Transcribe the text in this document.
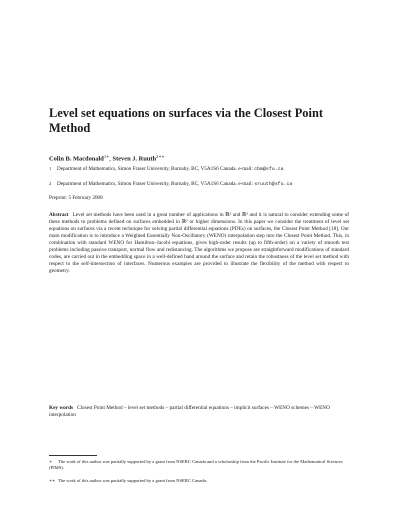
Level set equations on surfaces via the Closest Point Method
Colin B. Macdonald$^{1∗}$, Steven J. Ruuth$^{2∗∗}$
1 Department of Mathematics, Simon Fraser University, Burnaby, BC, V5A1S6 Canada. e-mail: cbm@sfu.ca
2 Department of Mathematics, Simon Fraser University, Burnaby, BC, V5A1S6 Canada. e-mail: sruuth@sfu.ca
Preprint: 5 February 2008
Abstract Level set methods have been used in a great number of applications in ℝ² and ℝ³ and it is natural to consider extending some of these methods to problems defined on surfaces embedded in ℝ³ or higher dimensions. In this paper we consider the treatment of level set equations on surfaces via a recent technique for solving partial differential equations (PDEs) on surfaces, the Closest Point Method [18]. Our main modification is to introduce a Weighted Essentially Non-Oscillatory (WENO) interpolation step into the Closest Point Method. This, in combination with standard WENO for Hamilton–Jacobi equations, gives high-order results (up to fifth-order) on a variety of smooth test problems including passive transport, normal flow and redistancing. The algorithms we propose are straightforward modifications of standard codes, are carried out in the embedding space in a well-defined band around the surface and retain the robustness of the level set method with respect to the self-intersection of interfaces. Numerous examples are provided to illustrate the flexibility of the method with respect to geometry.
Key words Closest Point Method – level set methods – partial differential equations – implicit surfaces – WENO schemes – WENO interpolation
∗	The work of this author was partially supported by a grant from NSERC Canada and a scholarship from the Pacific Institute for the Mathematical Sciences (PIMS).
∗∗ The work of this author was partially supported by a grant from NSERC Canada.
